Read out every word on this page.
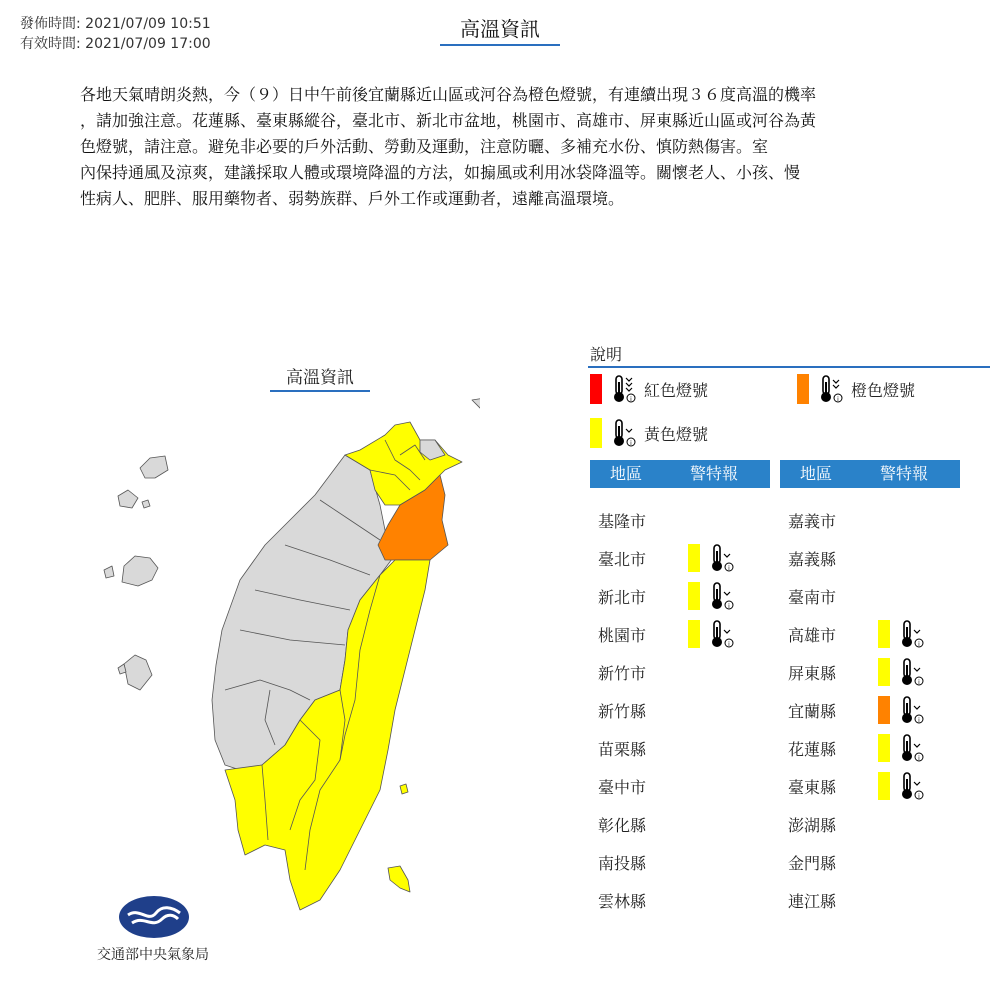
發佈時間: 2021/07/09 10:51
有效時間: 2021/07/09 17:00
高溫資訊
各地天氣晴朗炎熱，今（９）日中午前後宜蘭縣近山區或河谷為橙色燈號，有連續出現３６度高溫的機率
，請加強注意。花蓮縣、臺東縣縱谷，臺北市、新北市盆地，桃園市、高雄市、屏東縣近山區或河谷為黃
色燈號，請注意。避免非必要的戶外活動、勞動及運動，注意防曬、多補充水份、慎防熱傷害。室
內保持通風及涼爽，建議採取人體或環境降溫的方法，如搧風或利用冰袋降溫等。關懷老人、小孩、慢
性病人、肥胖、服用藥物者、弱勢族群、戶外工作或運動者，遠離高溫環境。
高溫資訊
交通部中央氣象局
說明
i 紅色燈號	i 橙色燈號
i 黃色燈號
地區	警特報	地區	警特報
基隆市
臺北市	i
新北市	i
桃園市	i
新竹市
新竹縣
苗栗縣
臺中市
彰化縣
南投縣
雲林縣
嘉義市
嘉義縣
臺南市
高雄市	i
屏東縣	i
宜蘭縣	i
花蓮縣	i
臺東縣	i
澎湖縣
金門縣
連江縣
